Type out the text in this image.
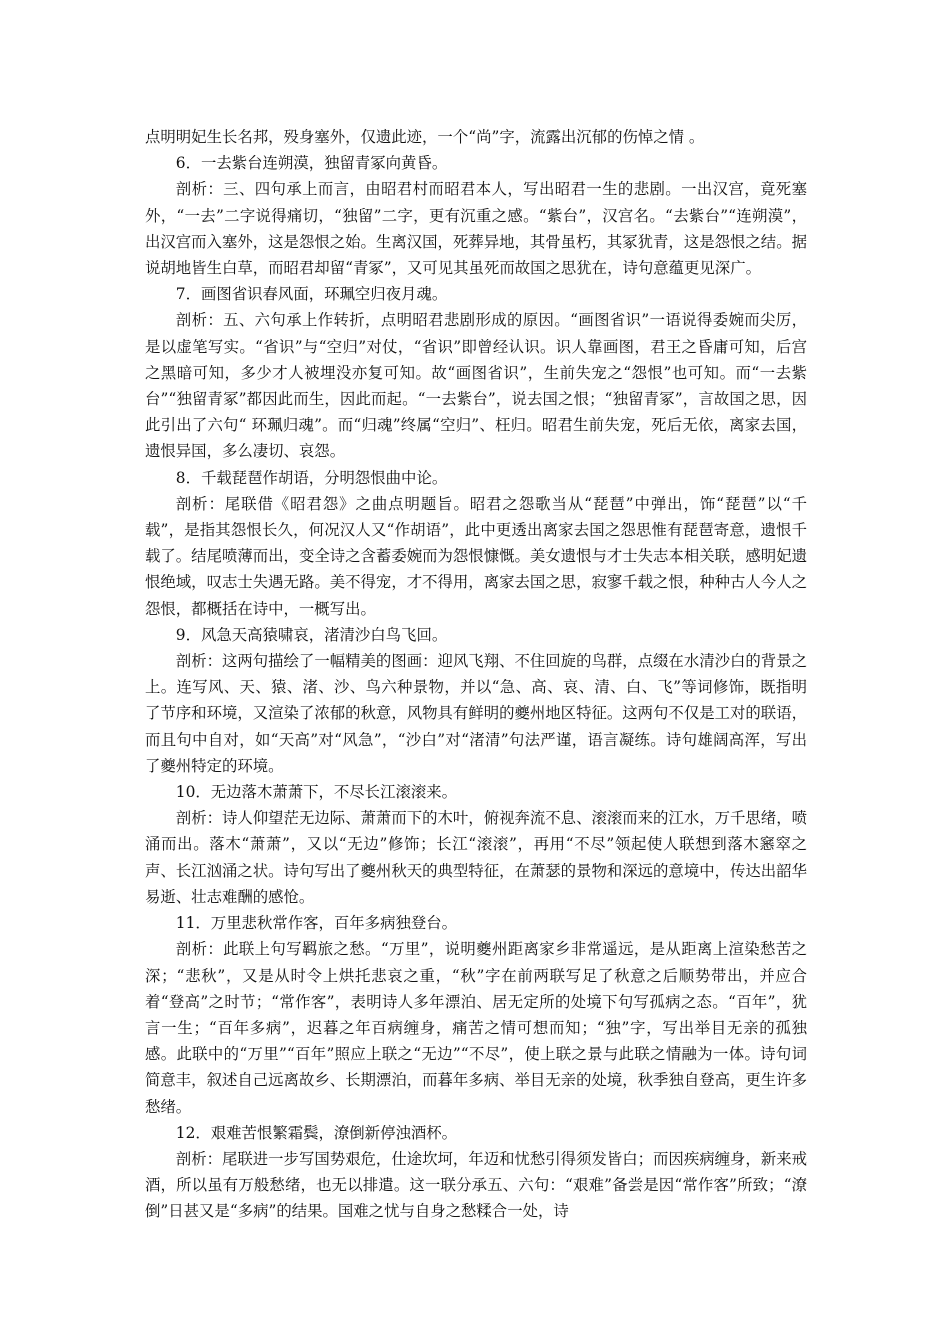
点明明妃生长名邦，殁身塞外，仅遗此迹，一个“尚”字，流露出沉郁的伤悼之情 。

6．一去紫台连朔漠，独留青冢向黄昏。

剖析：三、四句承上而言，由昭君村而昭君本人，写出昭君一生的悲剧。一出汉宫，竟死塞外，“一去”二字说得痛切，“独留”二字，更有沉重之感。“紫台”，汉宫名。“去紫台”“连朔漠”，出汉宫而入塞外，这是怨恨之始。生离汉国，死葬异地，其骨虽朽，其冢犹青，这是怨恨之结。据说胡地皆生白草，而昭君却留“青冢”，又可见其虽死而故国之思犹在，诗句意蕴更见深广。

7．画图省识春风面，环珮空归夜月魂。

剖析：五、六句承上作转折，点明昭君悲剧形成的原因。“画图省识”一语说得委婉而尖厉，是以虚笔写实。“省识”与“空归”对仗，“省识”即曾经认识。识人靠画图，君王之昏庸可知，后宫之黑暗可知，多少才人被埋没亦复可知。故“画图省识”，生前失宠之“怨恨”也可知。而“一去紫台”“独留青冢”都因此而生，因此而起。“一去紫台”，说去国之恨；“独留青冢”，言故国之思，因此引出了六句“ 环珮归魂”。而“归魂”终属“空归”、枉归。昭君生前失宠，死后无依，离家去国，遗恨异国，多么凄切、哀怨。

8．千载琵琶作胡语，分明怨恨曲中论。

剖析：尾联借《昭君怨》之曲点明题旨。昭君之怨歌当从“琵琶”中弹出，饰“琵琶”以“千载”，是指其怨恨长久，何况汉人又“作胡语”，此中更透出离家去国之怨思惟有琵琶寄意，遗恨千载了。结尾喷薄而出，变全诗之含蓄委婉而为怨恨慷慨。美女遗恨与才士失志本相关联，感明妃遗恨绝域，叹志士失遇无路。美不得宠，才不得用，离家去国之思，寂寥千载之恨，种种古人今人之怨恨，都概括在诗中，一概写出。

9．风急天高猿啸哀，渚清沙白鸟飞回。

剖析：这两句描绘了一幅精美的图画：迎风飞翔、不住回旋的鸟群，点缀在水清沙白的背景之上。连写风、天、猿、渚、沙、鸟六种景物，并以“急、高、哀、清、白、飞”等词修饰，既指明了节序和环境，又渲染了浓郁的秋意，风物具有鲜明的夔州地区特征。这两句不仅是工对的联语，而且句中自对，如“天高”对“风急”，“沙白”对“渚清”句法严谨，语言凝练。诗句雄阔高浑，写出了夔州特定的环境。

10．无边落木萧萧下，不尽长江滚滚来。

剖析：诗人仰望茫无边际、萧萧而下的木叶，俯视奔流不息、滚滚而来的江水，万千思绪，喷涌而出。落木“萧萧”，又以“无边”修饰；长江“滚滚”，再用“不尽”领起使人联想到落木窸窣之声、长江汹涌之状。诗句写出了夔州秋天的典型特征，在萧瑟的景物和深远的意境中，传达出韶华易逝、壮志难酬的感怆。

11．万里悲秋常作客，百年多病独登台。

剖析：此联上句写羁旅之愁。“万里”，说明夔州距离家乡非常遥远，是从距离上渲染愁苦之深；“悲秋”，又是从时令上烘托悲哀之重，“秋”字在前两联写足了秋意之后顺势带出，并应合着“登高”之时节；“常作客”，表明诗人多年漂泊、居无定所的处境下句写孤病之态。“百年”，犹言一生；“百年多病”，迟暮之年百病缠身，痛苦之情可想而知；“独”字，写出举目无亲的孤独感。此联中的“万里”“百年”照应上联之“无边”“不尽”，使上联之景与此联之情融为一体。诗句词简意丰，叙述自己远离故乡、长期漂泊，而暮年多病、举目无亲的处境，秋季独自登高，更生许多愁绪。

12．艰难苦恨繁霜鬓，潦倒新停浊酒杯。

剖析：尾联进一步写国势艰危，仕途坎坷，年迈和忧愁引得须发皆白；而因疾病缠身，新来戒酒，所以虽有万般愁绪，也无以排遣。这一联分承五、六句：“艰难”备尝是因“常作客”所致；“潦倒”日甚又是“多病”的结果。国难之忧与自身之愁糅合一处，诗
